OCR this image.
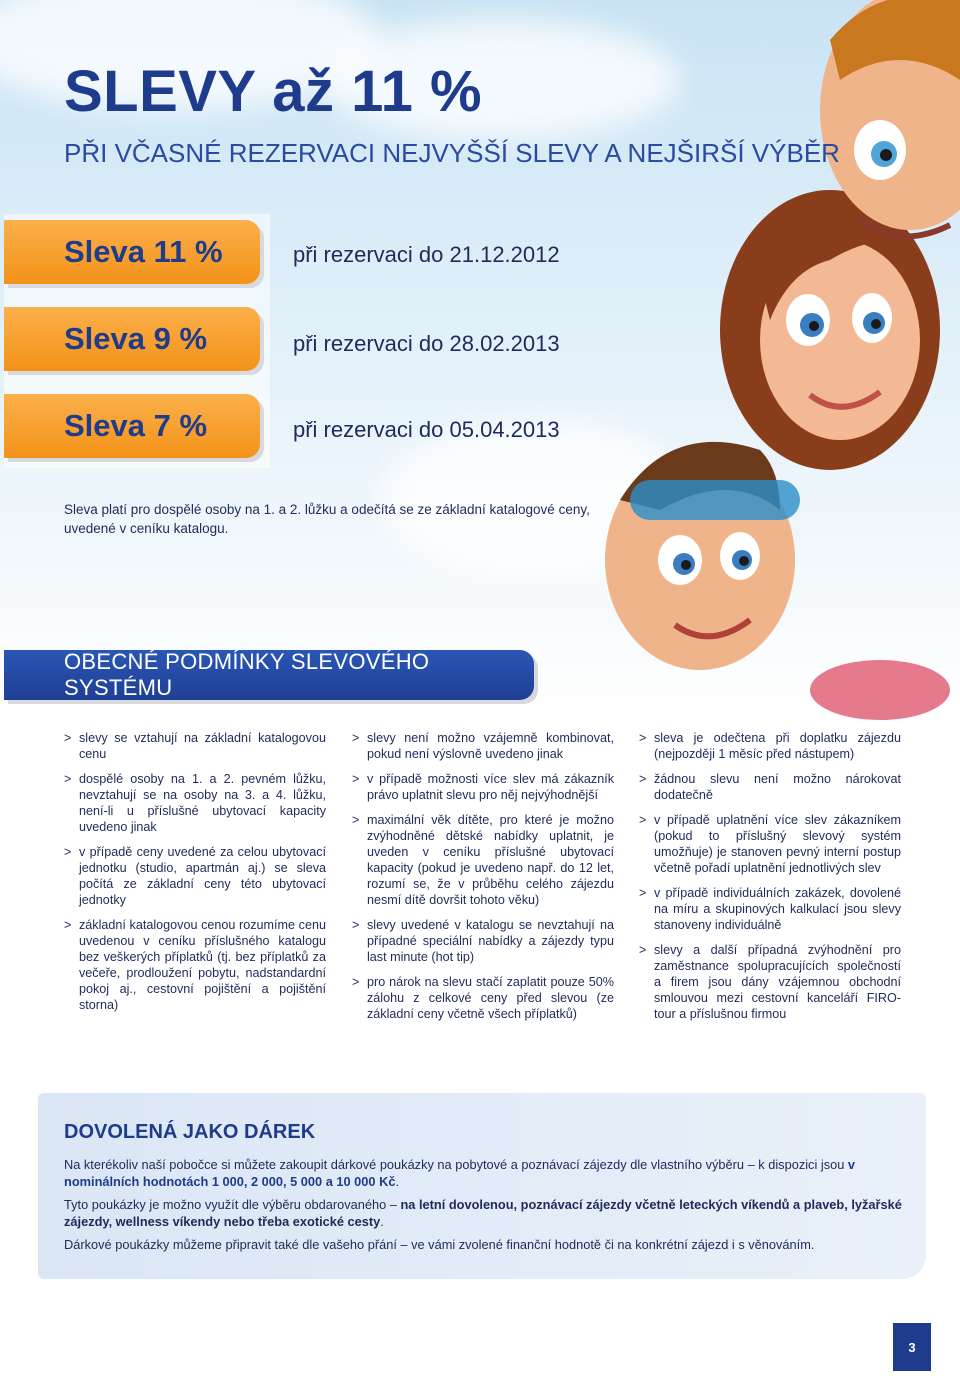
SLEVY až 11 %
PŘI VČASNÉ REZERVACI NEJVYŠŠÍ SLEVY A NEJŠIRŠÍ VÝBĚR
Sleva 11 %	při rezervaci do 21.12.2012
Sleva 9 %	při rezervaci do 28.02.2013
Sleva 7 %	při rezervaci do 05.04.2013

Sleva platí pro dospělé osoby na 1. a 2. lůžku a odečítá se ze základní katalogové ceny,
uvedené v ceníku katalogu.

OBECNÉ PODMÍNKY SLEVOVÉHO SYSTÉMU
> slevy se vztahují na základní katalogovou cenu
> dospělé osoby na 1. a 2. pevném lůžku, nevztahují se na osoby na 3. a 4. lůžku, není-li u příslušné ubytovací kapacity uvedeno jinak
> v případě ceny uvedené za celou ubytovací jednotku (studio, apartmán aj.) se sleva počítá ze základní ceny této ubytovací jednotky
> základní katalogovou cenou rozumíme cenu uvedenou v ceníku příslušného katalogu bez veškerých příplatků (tj. bez příplatků za večeře, prodloužení pobytu, nadstandardní pokoj aj., cestovní pojištění a pojištění storna)
> slevy není možno vzájemně kombinovat, pokud není výslovně uvedeno jinak
> v případě možnosti více slev má zákazník právo uplatnit slevu pro něj nejvýhodnější
> maximální věk dítěte, pro které je možno zvýhodněné dětské nabídky uplatnit, je uveden v ceníku příslušné ubytovací kapacity (pokud je uvedeno např. do 12 let, rozumí se, že v průběhu celého zájezdu nesmí dítě dovršit tohoto věku)
> slevy uvedené v katalogu se nevztahují na případné speciální nabídky a zájezdy typu last minute (hot tip)
> pro nárok na slevu stačí zaplatit pouze 50% zálohu z celkové ceny před slevou (ze základní ceny včetně všech příplatků)
> sleva je odečtena při doplatku zájezdu (nejpozději 1 měsíc před nástupem)
> žádnou slevu není možno nárokovat dodatečně
> v případě uplatnění více slev zákazníkem (pokud to příslušný slevový systém umožňuje) je stanoven pevný interní postup včetně pořadí uplatnění jednotlivých slev
> v případě individuálních zakázek, dovolené na míru a skupinových kalkulací jsou slevy stanoveny individuálně
> slevy a další případná zvýhodnění pro zaměstnance spolupracujících společností a firem jsou dány vzájemnou obchodní smlouvou mezi cestovní kanceláří FIRO-tour a příslušnou firmou
DOVOLENÁ JAKO DÁREK

Na kterékoliv naší pobočce si můžete zakoupit dárkové poukázky na pobytové a poznávací zájezdy dle vlastního výběru – k dispozici jsou v nominálních hodnotách 1 000, 2 000, 5 000 a 10 000 Kč.

Tyto poukázky je možno využít dle výběru obdarovaného – na letní dovolenou, poznávací zájezdy včetně leteckých víkendů a plaveb, lyžařské zájezdy, wellness víkendy nebo třeba exotické cesty.

Dárkové poukázky můžeme připravit také dle vašeho přání – ve vámi zvolené finanční hodnotě či na konkrétní zájezd i s věnováním.

3
